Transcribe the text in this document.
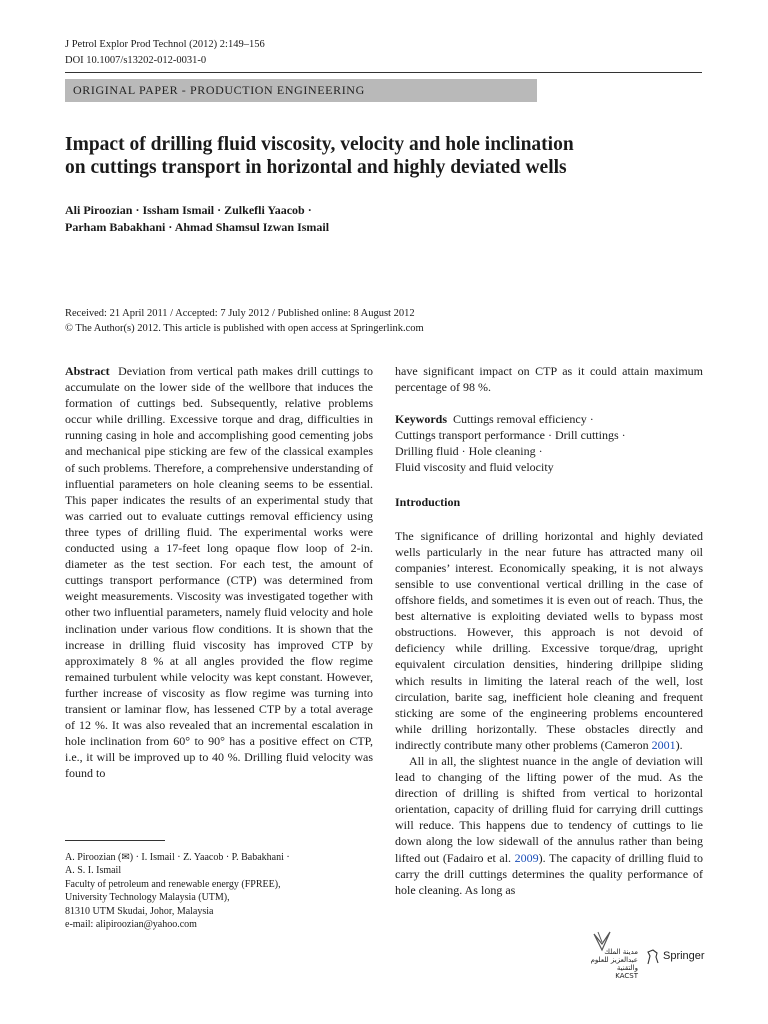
J Petrol Explor Prod Technol (2012) 2:149–156
DOI 10.1007/s13202-012-0031-0
ORIGINAL PAPER - PRODUCTION ENGINEERING
Impact of drilling fluid viscosity, velocity and hole inclination
on cuttings transport in horizontal and highly deviated wells
Ali Piroozian · Issham Ismail · Zulkefli Yaacob ·
Parham Babakhani · Ahmad Shamsul Izwan Ismail
Received: 21 April 2011 / Accepted: 7 July 2012 / Published online: 8 August 2012
© The Author(s) 2012. This article is published with open access at Springerlink.com

Abstract Deviation from vertical path makes drill cuttings to accumulate on the lower side of the wellbore that induces the formation of cuttings bed. Subsequently, relative problems occur while drilling. Excessive torque and drag, difficulties in running casing in hole and accomplishing good cementing jobs and mechanical pipe sticking are few of the classical examples of such problems. Therefore, a comprehensive understanding of influential parameters on hole cleaning seems to be essential. This paper indicates the results of an experimental study that was carried out to evaluate cuttings removal efficiency using three types of drilling fluid. The experimental works were conducted using a 17-feet long opaque flow loop of 2-in. diameter as the test section. For each test, the amount of cuttings transport performance (CTP) was determined from weight measurements. Viscosity was investigated together with other two influential parameters, namely fluid velocity and hole inclination under various flow conditions. It is shown that the increase in drilling fluid viscosity has improved CTP by approximately 8 % at all angles provided the flow regime remained turbulent while velocity was kept constant. However, further increase of viscosity as flow regime was turning into transient or laminar flow, has lessened CTP by a total average of 12 %. It was also revealed that an incremental escalation in hole inclination from 60° to 90° has a positive effect on CTP, i.e., it will be improved up to 40 %. Drilling fluid velocity was found to

have significant impact on CTP as it could attain maximum percentage of 98 %.

Keywords Cuttings removal efficiency ·
Cuttings transport performance · Drill cuttings ·
Drilling fluid · Hole cleaning ·
Fluid viscosity and fluid velocity
Introduction

The significance of drilling horizontal and highly deviated wells particularly in the near future has attracted many oil companies’ interest. Economically speaking, it is not always sensible to use conventional vertical drilling in the case of offshore fields, and sometimes it is even out of reach. Thus, the best alternative is exploiting deviated wells to bypass most obstructions. However, this approach is not devoid of deficiency while drilling. Excessive torque/drag, upright equivalent circulation densities, hindering drillpipe sliding which results in limiting the lateral reach of the well, lost circulation, barite sag, inefficient hole cleaning and frequent sticking are some of the engineering problems encountered while drilling horizontally. These obstacles directly and indirectly contribute many other problems (Cameron 2001).

All in all, the slightest nuance in the angle of deviation will lead to changing of the lifting power of the mud. As the direction of drilling is shifted from vertical to horizontal orientation, capacity of drilling fluid for carrying drill cuttings will reduce. This happens due to tendency of cuttings to lie down along the low sidewall of the annulus rather than being lifted out (Fadairo et al. 2009). The capacity of drilling fluid to carry the drill cuttings determines the quality performance of hole cleaning. As long as

A. Piroozian (✉) · I. Ismail · Z. Yaacob · P. Babakhani ·
A. S. I. Ismail
Faculty of petroleum and renewable energy (FPREE),
University Technology Malaysia (UTM),
81310 UTM Skudai, Johor, Malaysia
e-mail: alipiroozian@yahoo.com
مدينة الملك عبدالعزيز للعلوم والتقنية
KACST
Springer
